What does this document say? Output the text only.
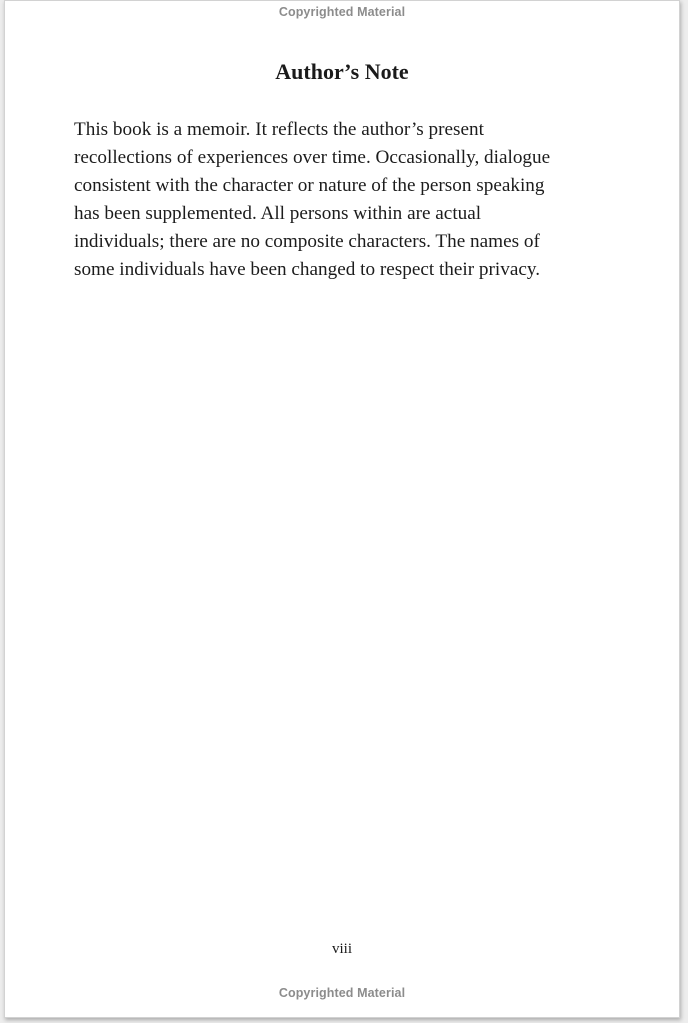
Copyrighted Material
Author’s Note

This book is a memoir. It reflects the author’s present
recollections of experiences over time. Occasionally, dialogue
consistent with the character or nature of the person speaking
has been supplemented. All persons within are actual
individuals; there are no composite characters. The names of
some individuals have been changed to respect their privacy.

viii
Copyrighted Material
